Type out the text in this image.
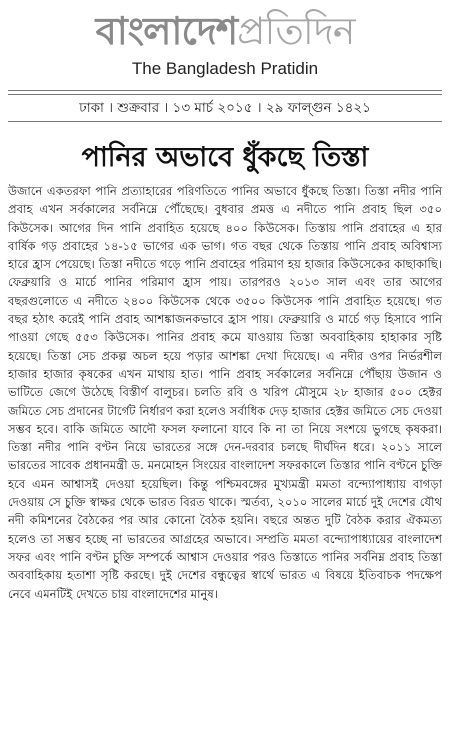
বাংলাদেশপ্রতিদিন
The Bangladesh Pratidin
ঢাকা । শুক্রবার । ১৩ মার্চ ২০১৫ । ২৯ ফাল্গুন ১৪২১
পানির অভাবে ধুঁকছে তিস্তা

উজানে একতরফা পানি প্রত্যাহারের পরিণতিতে পানির অভাবে ধুঁকছে তিস্তা। তিস্তা নদীর পানি প্রবাহ এখন সর্বকালের সর্বনিম্নে পৌঁছেছে। বুধবার প্রমত্ত এ নদীতে পানি প্রবাহ ছিল ৩৫০ কিউসেক। আগের দিন পানি প্রবাহিত হয়েছে ৪০০ কিউসেক। তিস্তায় পানি প্রবাহের এ হার বার্ষিক গড় প্রবাহের ১৪-১৫ ভাগের এক ভাগ। গত বছর থেকে তিস্তায় পানি প্রবাহ অবিশ্বাস্য হারে হ্রাস পেয়েছে। তিস্তা নদীতে গড়ে পানি প্রবাহের পরিমাণ হয় হাজার কিউসেকের কাছাকাছি। ফেব্রুয়ারি ও মার্চে পানির পরিমাণ হ্রাস পায়। তারপরও ২০১৩ সাল এবং তার আগের বছরগুলোতে এ নদীতে ২৪০০ কিউসেক থেকে ৩৫০০ কিউসেক পানি প্রবাহিত হয়েছে। গত বছর হঠাৎ করেই পানি প্রবাহ আশঙ্কাজনকভাবে হ্রাস পায়। ফেব্রুয়ারি ও মার্চে গড় হিসাবে পানি পাওয়া গেছে ৫৫৩ কিউসেক। পানির প্রবাহ কমে যাওয়ায় তিস্তা অববাহিকায় হাহাকার সৃষ্টি হয়েছে। তিস্তা সেচ প্রকল্প অচল হয়ে পড়ার আশঙ্কা দেখা দিয়েছে। এ নদীর ওপর নির্ভরশীল হাজার হাজার কৃষকের এখন মাথায় হাত। পানি প্রবাহ সর্বকালের সর্বনিম্নে পৌঁছায় উজান ও ভাটিতে জেগে উঠেছে বিস্তীর্ণ বালুচর। চলতি রবি ও খরিপ মৌসুমে ২৮ হাজার ৫০০ হেক্টর জমিতে সেচ প্রদানের টার্গেট নির্ধারণ করা হলেও সর্বাধিক দেড় হাজার হেক্টর জমিতে সেচ দেওয়া সম্ভব হবে। বাকি জমিতে আদৌ ফসল ফলানো যাবে কি না তা নিয়ে সংশয়ে ভুগছে কৃষকরা। তিস্তা নদীর পানি বণ্টন নিয়ে ভারতের সঙ্গে দেন-দরবার চলছে দীর্ঘদিন ধরে। ২০১১ সালে ভারতের সাবেক প্রধানমন্ত্রী ড. মনমোহন সিংয়ের বাংলাদেশ সফরকালে তিস্তার পানি বণ্টনে চুক্তি হবে এমন আশ্বাসই দেওয়া হয়েছিল। কিন্তু পশ্চিমবঙ্গের মুখ্যমন্ত্রী মমতা বন্দ্যোপাধ্যায় বাগড়া দেওয়ায় সে চুক্তি স্বাক্ষর থেকে ভারত বিরত থাকে। স্মর্তব্য, ২০১০ সালের মার্চে দুই দেশের যৌথ নদী কমিশনের বৈঠকের পর আর কোনো বৈঠক হয়নি। বছরে অন্তত দুটি বৈঠক করার ঐকমত্য হলেও তা সম্ভব হচ্ছে না ভারতের আগ্রহের অভাবে। সম্প্রতি মমতা বন্দ্যোপাধ্যায়ের বাংলাদেশ সফর এবং পানি বণ্টন চুক্তি সম্পর্কে আশ্বাস দেওয়ার পরও তিস্তাতে পানির সর্বনিম্ন প্রবাহ তিস্তা অববাহিকায় হতাশা সৃষ্টি করছে। দুই দেশের বন্ধুত্বের স্বার্থে ভারত এ বিষয়ে ইতিবাচক পদক্ষেপ নেবে এমনটিই দেখতে চায় বাংলাদেশের মানুষ।
